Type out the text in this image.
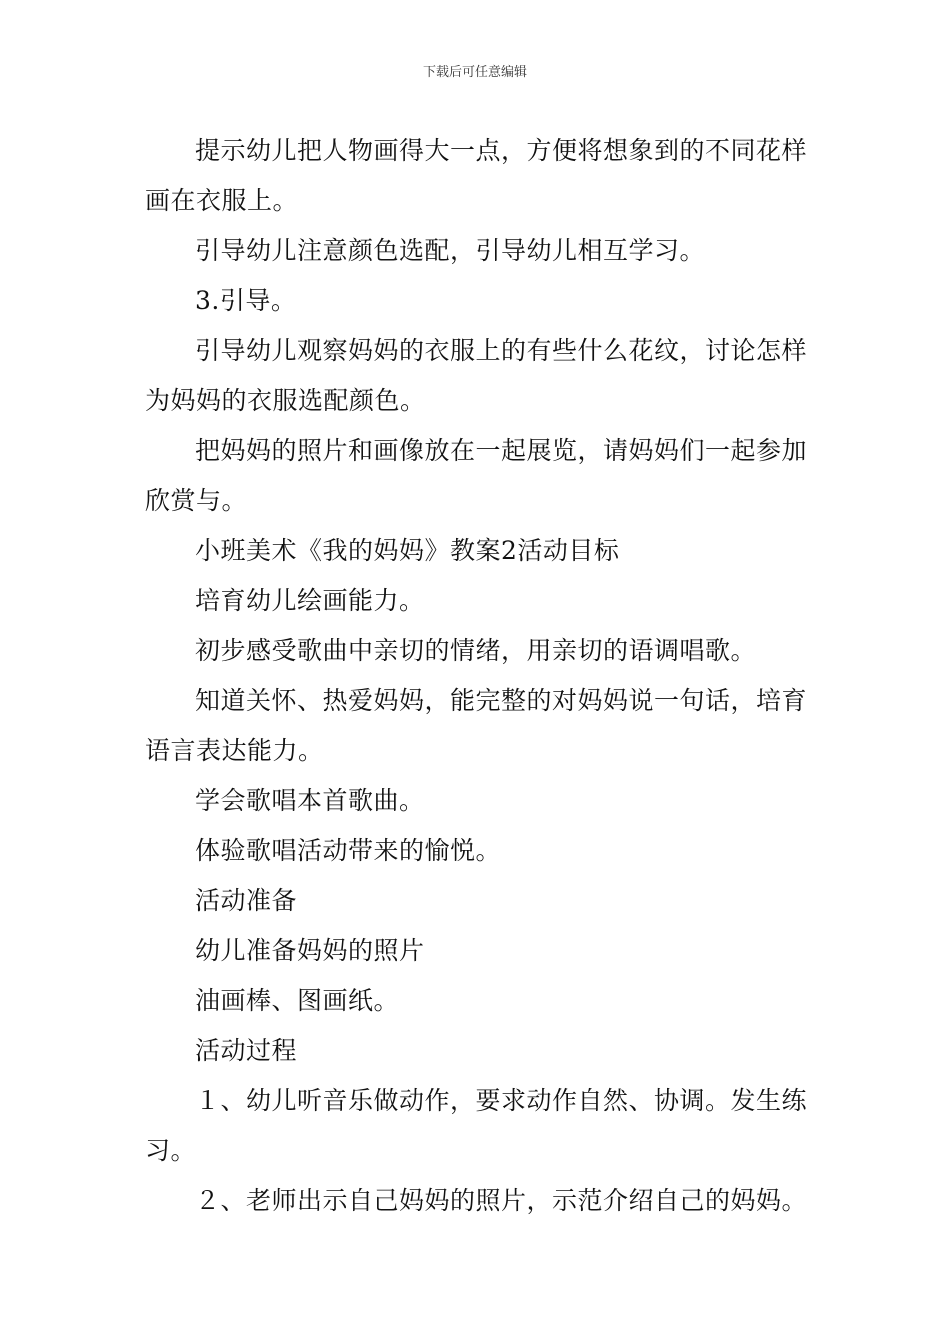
下载后可任意编辑

提示幼儿把人物画得大一点，方便将想象到的不同花样画在衣服上。

引导幼儿注意颜色选配，引导幼儿相互学习。

3.引导。

引导幼儿观察妈妈的衣服上的有些什么花纹，讨论怎样为妈妈的衣服选配颜色。

把妈妈的照片和画像放在一起展览，请妈妈们一起参加欣赏与。

小班美术《我的妈妈》教案2活动目标

培育幼儿绘画能力。

初步感受歌曲中亲切的情绪，用亲切的语调唱歌。

知道关怀、热爱妈妈，能完整的对妈妈说一句话，培育语言表达能力。

学会歌唱本首歌曲。

体验歌唱活动带来的愉悦。

活动准备

幼儿准备妈妈的照片

油画棒、图画纸。

活动过程

１、幼儿听音乐做动作，要求动作自然、协调。发生练习。

２、老师出示自己妈妈的照片，示范介绍自己的妈妈。
